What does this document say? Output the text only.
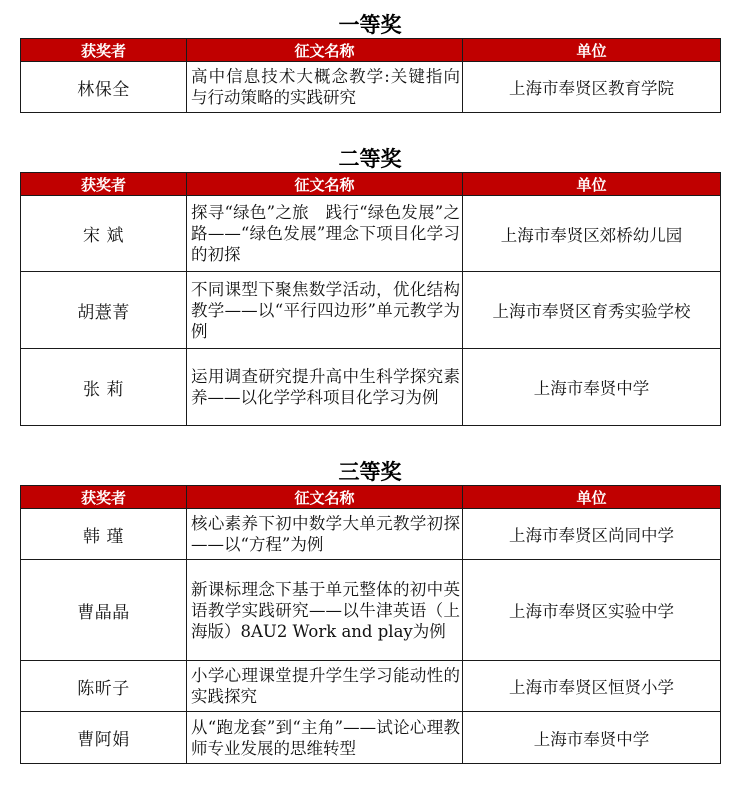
一等奖
获奖者	征文名称	单位
林保全	高中信息技术大概念教学:关键指向与行动策略的实践研究	上海市奉贤区教育学院
二等奖
获奖者	征文名称	单位
宋 斌	探寻“绿色”之旅　践行“绿色发展”之路——“绿色发展”理念下项目化学习的初探	上海市奉贤区郊桥幼儿园
胡薏菁	不同课型下聚焦数学活动，优化结构教学——以“平行四边形”单元教学为例	上海市奉贤区育秀实验学校
张 莉	运用调查研究提升高中生科学探究素养——以化学学科项目化学习为例	上海市奉贤中学
三等奖
获奖者	征文名称	单位
韩 瑾	核心素养下初中数学大单元教学初探——以“方程”为例	上海市奉贤区尚同中学
曹晶晶	新课标理念下基于单元整体的初中英语教学实践研究——以牛津英语（上海版）8AU2 Work and play为例	上海市奉贤区实验中学
陈昕子	小学心理课堂提升学生学习能动性的实践探究	上海市奉贤区恒贤小学
曹阿娟	从“跑龙套”到“主角”——试论心理教师专业发展的思维转型	上海市奉贤中学
